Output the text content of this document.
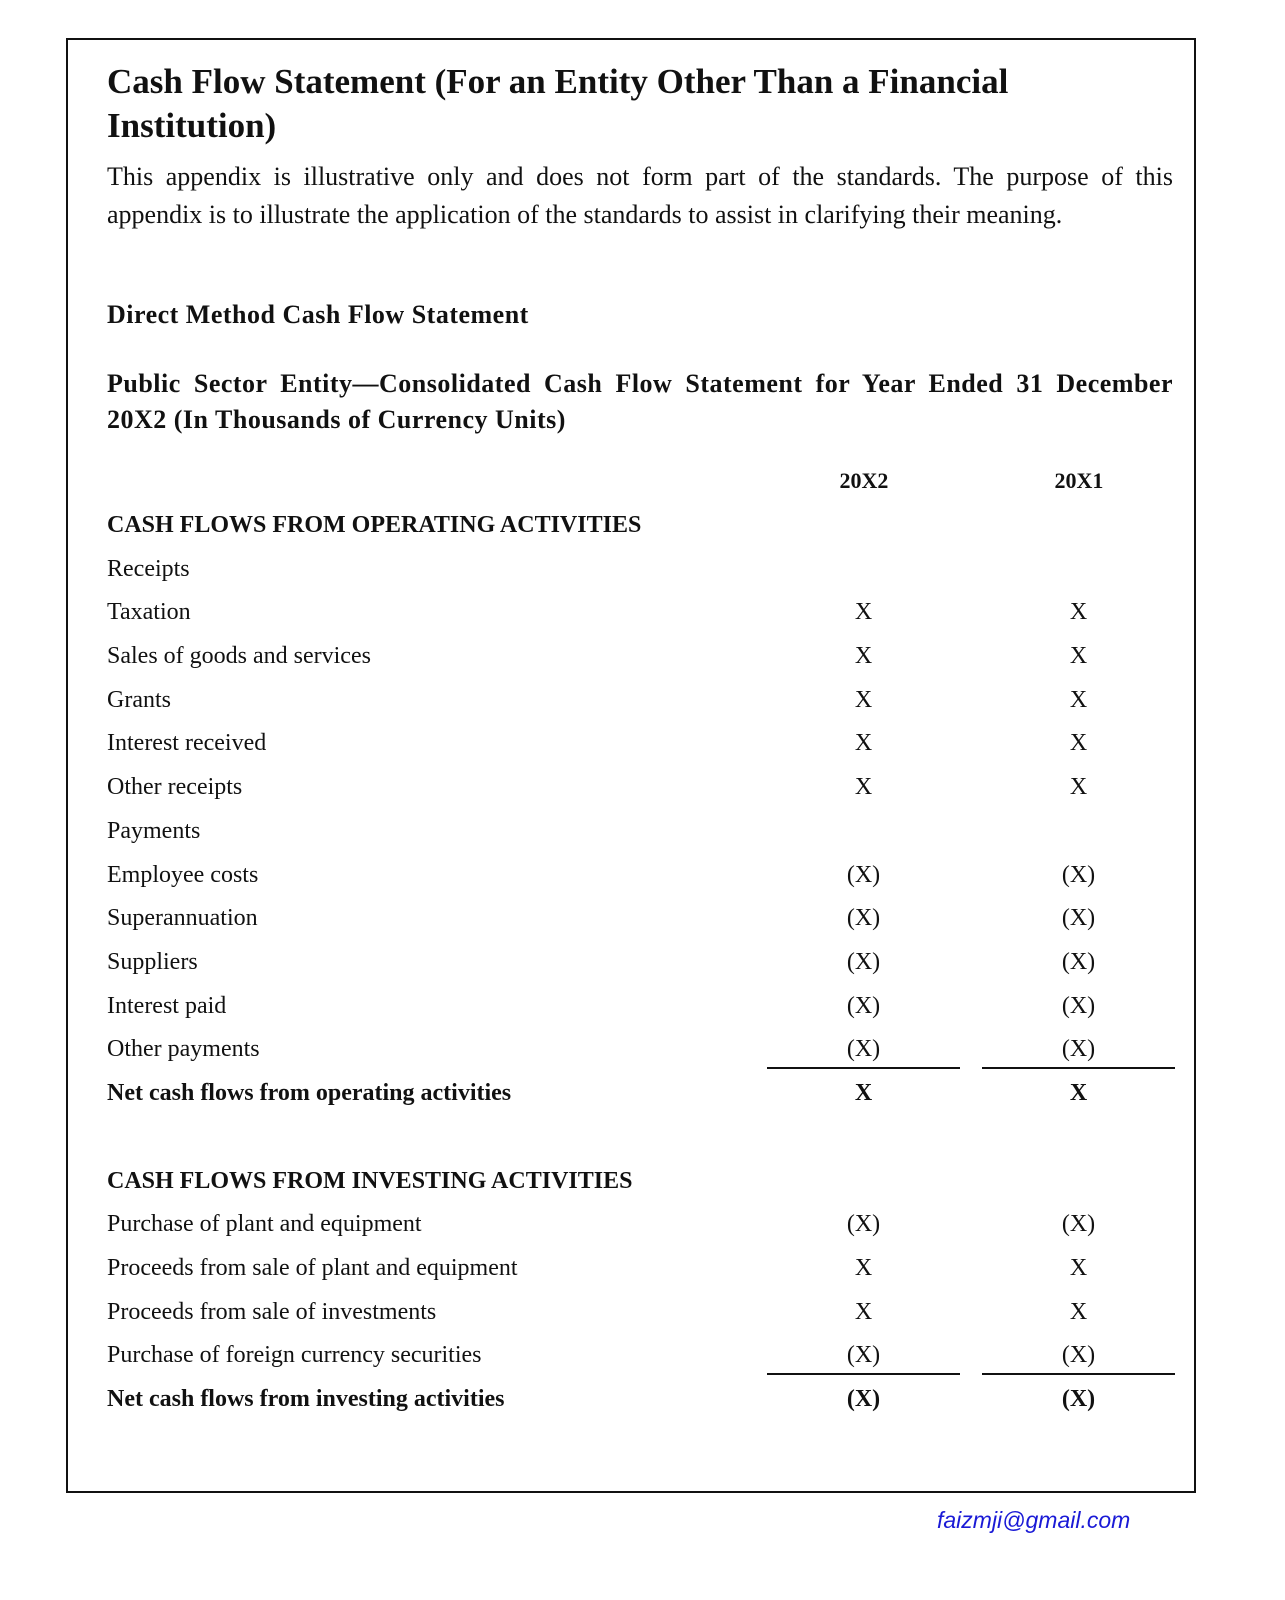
Cash Flow Statement (For an Entity Other Than a Financial Institution)

This appendix is illustrative only and does not form part of the standards. The purpose of this appendix is to illustrate the application of the standards to assist in clarifying their meaning.

Direct Method Cash Flow Statement

Public Sector Entity—Consolidated Cash Flow Statement for Year Ended 31 December 20X2 (In Thousands of Currency Units)

20X2	20X1
CASH FLOWS FROM OPERATING ACTIVITIES
Receipts
Taxation	X	X
Sales of goods and services	X	X
Grants	X	X
Interest received	X	X
Other receipts	X	X
Payments
Employee costs	(X)	(X)
Superannuation	(X)	(X)
Suppliers	(X)	(X)
Interest paid	(X)	(X)
Other payments	(X)	(X)
Net cash flows from operating activities	X	X
CASH FLOWS FROM INVESTING ACTIVITIES
Purchase of plant and equipment	(X)	(X)
Proceeds from sale of plant and equipment	X	X
Proceeds from sale of investments	X	X
Purchase of foreign currency securities	(X)	(X)
Net cash flows from investing activities	(X)	(X)
faizmji@gmail.com
